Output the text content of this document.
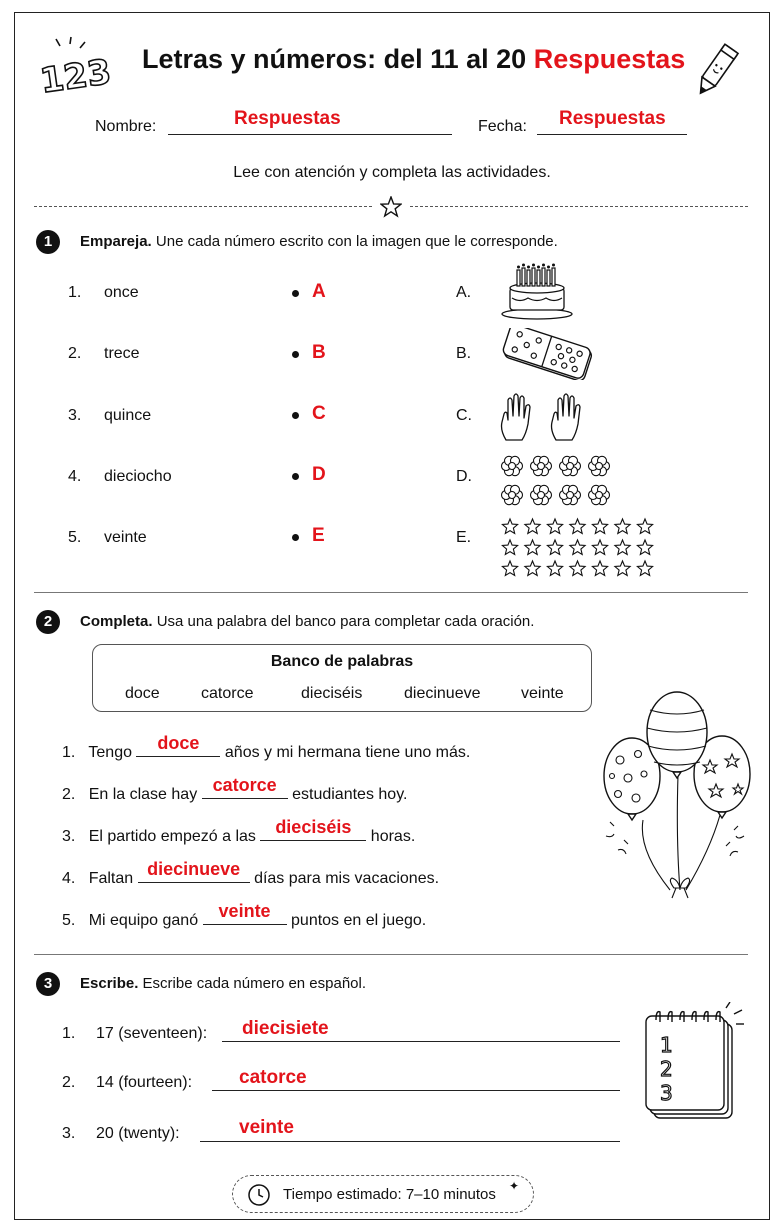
123 Letras y números: del 11 al 20 Respuestas
Nombre:	Respuestas	Fecha: Respuestas
Lee con atención y completa las actividades.
1	Empareja. Une cada número escrito con la imagen que le corresponde.
1. once	A	A.
2. trece	B	B.
3. quince	C	C.
4. dieciocho	D	D.
5. veinte	E	E.
2	Completa. Usa una palabra del banco para completar cada oración.
Banco de palabras
doce	catorce	dieciséis	diecinueve	veinte
1. Tengo	doce	años y mi hermana tiene uno más.
2. En la clase hay catorce estudiantes hoy.
3. El partido empezó a las	dieciséis	horas.
4. Faltan diecinueve días para mis vacaciones.
5. Mi equipo ganó	veinte	puntos en el juego.
3	Escribe. Escribe cada número en español.
1. 17 (seventeen): diecisiete
2. 14 (fourteen): catorce
3. 20 (twenty):	veinte
1
2
3
Tiempo estimado: 7–10 minutos ✦
